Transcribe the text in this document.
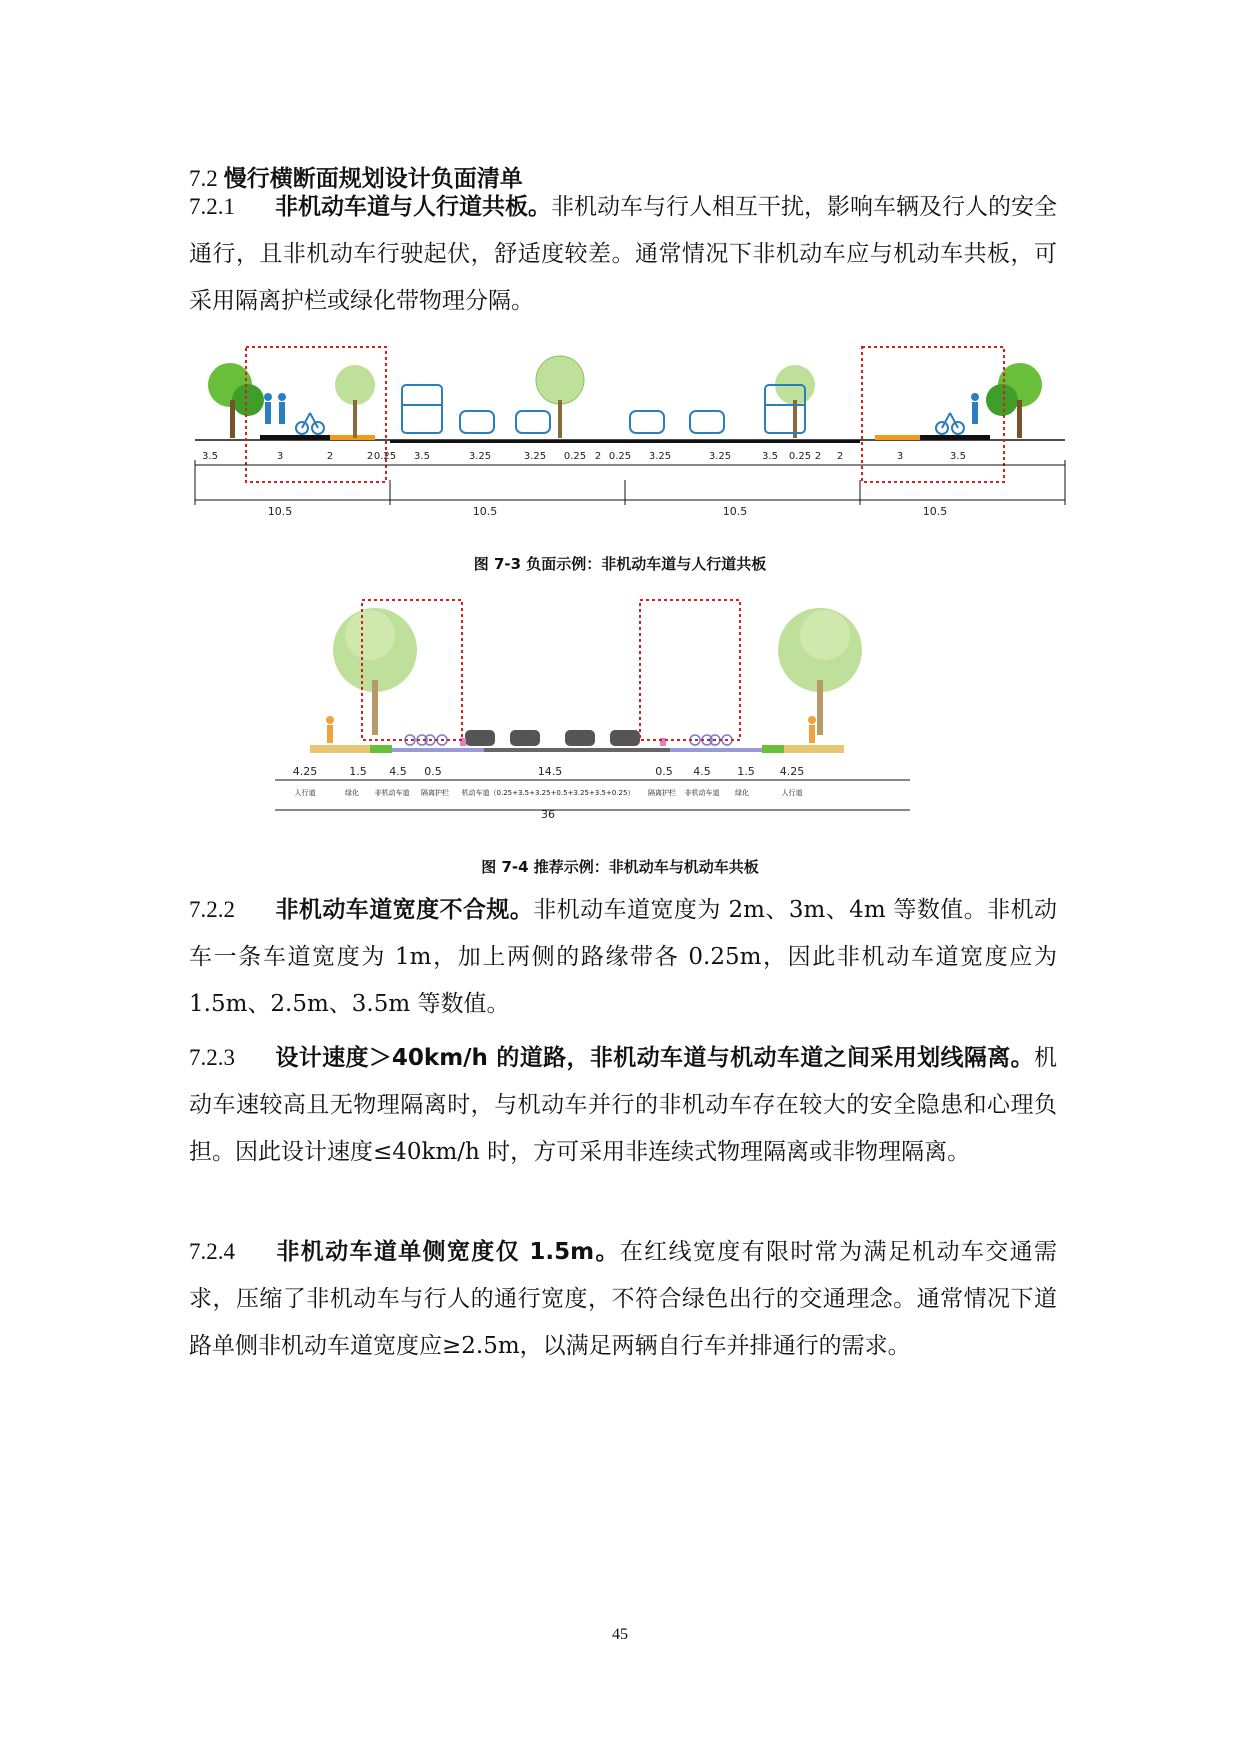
7.2 慢行横断面规划设计负面清单
7.2.1 非机动车道与人行道共板。非机动车与行人相互干扰，影响车辆及行人的安全通行，且非机动车行驶起伏，舒适度较差。通常情况下非机动车应与机动车共板，可采用隔离护栏或绿化带物理分隔。
3.5	3	2	2 0.25 3.5	3.25	3.25 0.25 2 0.25 3.25	3.25	3.5 0.25 2 2	3	3.5
10.5	10.5	10.5	10.5
图 7-3 负面示例：非机动车道与人行道共板
4.25	1.5 4.5 0.5	14.5	0.5 4.5 1.5 4.25
人行道	绿化 非机动车道 隔离护栏 机动车道（0.25+3.5+3.25+0.5+3.25+3.5+0.25） 隔离护栏 非机动车道 绿化	人行道
36
图 7-4 推荐示例：非机动车与机动车共板
7.2.2 非机动车道宽度不合规。非机动车道宽度为 2m、3m、4m 等数值。非机动车一条车道宽度为 1m，加上两侧的路缘带各 0.25m，因此非机动车道宽度应为 1.5m、2.5m、3.5m 等数值。
7.2.3 设计速度＞40km/h 的道路，非机动车道与机动车道之间采用划线隔离。机动车速较高且无物理隔离时，与机动车并行的非机动车存在较大的安全隐患和心理负担。因此设计速度≤40km/h 时，方可采用非连续式物理隔离或非物理隔离。
7.2.4 非机动车道单侧宽度仅 1.5m。在红线宽度有限时常为满足机动车交通需求，压缩了非机动车与行人的通行宽度，不符合绿色出行的交通理念。通常情况下道路单侧非机动车道宽度应≥2.5m，以满足两辆自行车并排通行的需求。
45
